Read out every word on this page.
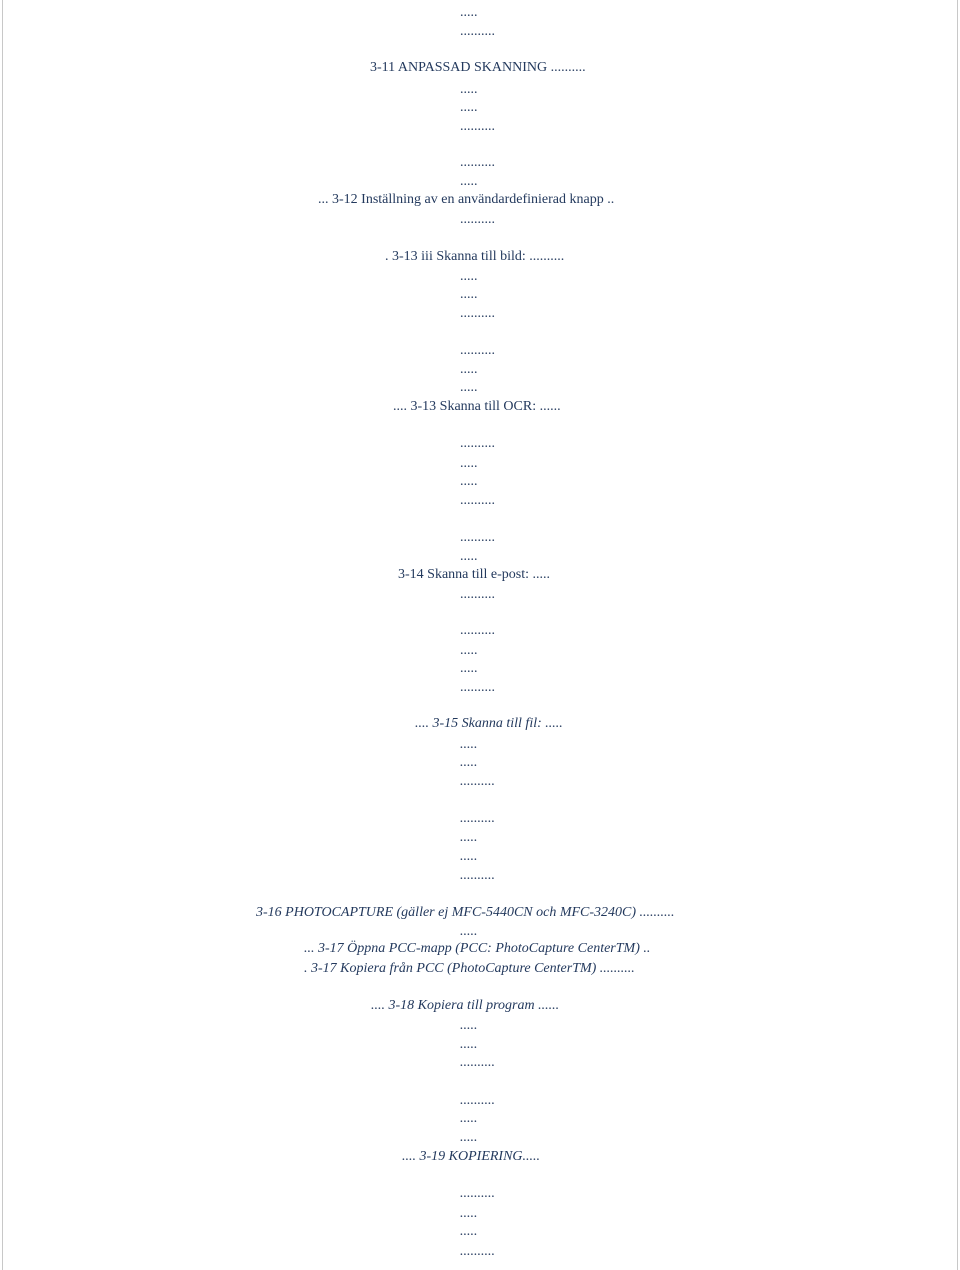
.....
..........
3-11 ANPASSAD SKANNING ..........
.....
.....
..........
..........
.....
... 3-12 Inställning av en användardefinierad knapp ..
..........
. 3-13 iii Skanna till bild: ..........
.....
.....
..........
..........
.....
.....
.... 3-13 Skanna till OCR: ......
..........
.....
.....
..........
..........
.....
3-14 Skanna till e-post: .....
..........
..........
.....
.....
..........
.... 3-15 Skanna till fil: .....
.....
.....
..........
..........
.....
.....
..........
3-16 PHOTOCAPTURE (gäller ej MFC-5440CN och MFC-3240C) ..........
.....
... 3-17 Öppna PCC-mapp (PCC: PhotoCapture CenterTM) ..
. 3-17 Kopiera från PCC (PhotoCapture CenterTM) ..........
.... 3-18 Kopiera till program ......
.....
.....
..........
..........
.....
.....
.... 3-19 KOPIERING.....
..........
.....
.....
..........
